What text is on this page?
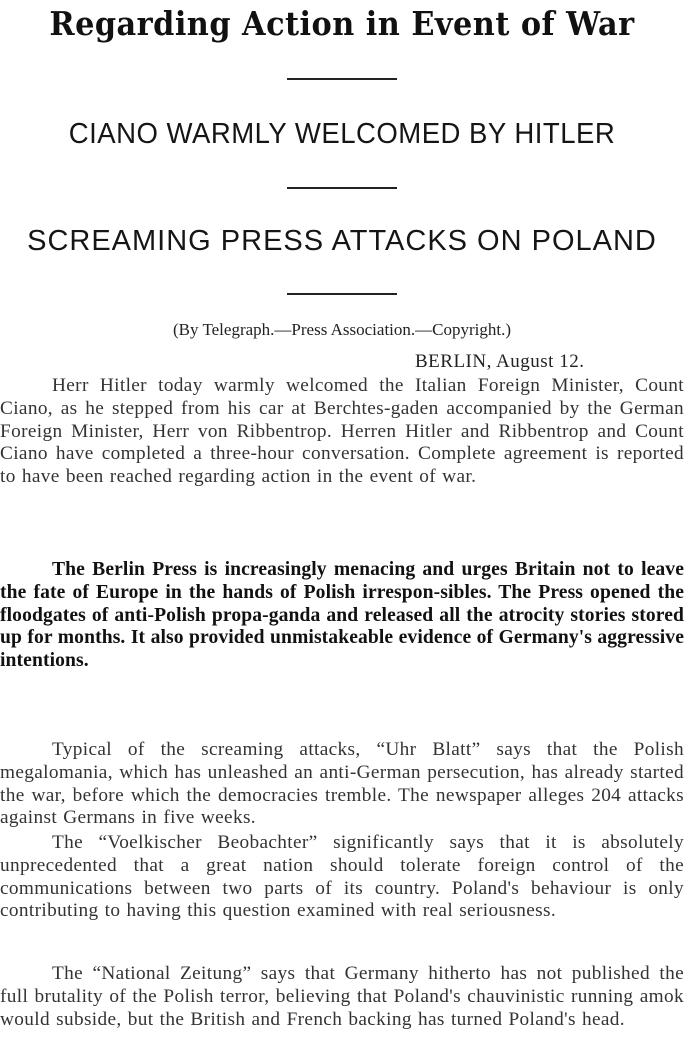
Regarding Action in Event of War
CIANO WARMLY WELCOMED BY HITLER
SCREAMING PRESS ATTACKS ON POLAND
(By Telegraph.—Press Association.—Copyright.)
BERLIN, August 12.

Herr Hitler today warmly welcomed the Italian Foreign Minister, Count Ciano, as he stepped from his car at Berchtes-gaden accompanied by the German Foreign Minister, Herr von Ribbentrop. Herren Hitler and Ribbentrop and Count Ciano have completed a three-hour conversation. Complete agreement is reported to have been reached regarding action in the event of war.

The Berlin Press is increasingly menacing and urges Britain not to leave the fate of Europe in the hands of Polish irrespon-sibles. The Press opened the floodgates of anti-Polish propa-ganda and released all the atrocity stories stored up for months. It also provided unmistakeable evidence of Germany's aggressive intentions.

Typical of the screaming attacks, “Uhr Blatt” says that the Polish megalomania, which has unleashed an anti-German persecution, has already started the war, before which the democracies tremble. The newspaper alleges 204 attacks against Germans in five weeks.

The “Voelkischer Beobachter” significantly says that it is absolutely unprecedented that a great nation should tolerate foreign control of the communications between two parts of its country. Poland's behaviour is only contributing to having this question examined with real seriousness.

The “National Zeitung” says that Germany hitherto has not published the full brutality of the Polish terror, believing that Poland's chauvinistic running amok would subside, but the British and French backing has turned Poland's head.
